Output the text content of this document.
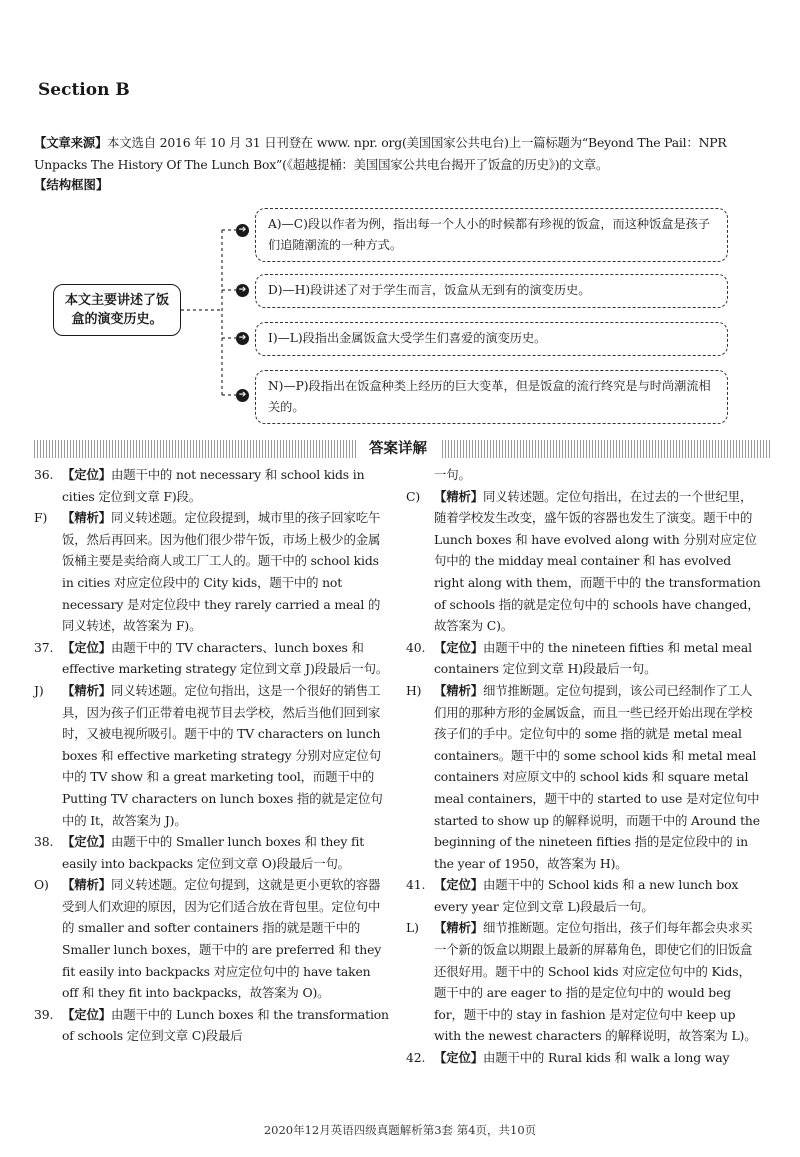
Section B
【文章来源】本文选自 2016 年 10 月 31 日刊登在 www. npr. org(美国国家公共电台)上一篇标题为“Beyond The Pail：NPR Unpacks The History Of The Lunch Box”(《超越提桶：美国国家公共电台揭开了饭盒的历史》)的文章。
【结构框图】
本文主要讲述了饭盒的演变历史。
➔	A)—C)段以作者为例，指出每一个人小的时候都有珍视的饭盒，而这种饭盒是孩子们追随潮流的一种方式。
➔	D)—H)段讲述了对于学生而言，饭盒从无到有的演变历史。
➔	I)—L)段指出金属饭盒大受学生们喜爱的演变历史。
➔
N)—P)段指出在饭盒种类上经历的巨大变革，但是饭盒的流行终究是与时尚潮流相关的。
答案详解
36. 【定位】由题干中的 not necessary 和 school kids in cities 定位到文章 F)段。
F)	【精析】同义转述题。定位段提到，城市里的孩子回家吃午饭，然后再回来。因为他们很少带午饭，市场上极少的金属饭桶主要是卖给商人或工厂工人的。题干中的 school kids in cities 对应定位段中的 City kids，题干中的 not necessary 是对定位段中 they rarely carried a meal 的同义转述，故答案为 F)。
37. 【定位】由题干中的 TV characters、lunch boxes 和 effective marketing strategy 定位到文章 J)段最后一句。
J)	【精析】同义转述题。定位句指出，这是一个很好的销售工具，因为孩子们正带着电视节目去学校，然后当他们回到家时，又被电视所吸引。题干中的 TV characters on lunch boxes 和 effective marketing strategy 分别对应定位句中的 TV show 和 a great marketing tool，而题干中的 Putting TV characters on lunch boxes 指的就是定位句中的 It，故答案为 J)。
38. 【定位】由题干中的 Smaller lunch boxes 和 they fit easily into backpacks 定位到文章 O)段最后一句。
O)	【精析】同义转述题。定位句提到，这就是更小更软的容器受到人们欢迎的原因，因为它们适合放在背包里。定位句中的 smaller and softer containers 指的就是题干中的 Smaller lunch boxes，题干中的 are preferred 和 they fit easily into backpacks 对应定位句中的 have taken off 和 they fit into backpacks，故答案为 O)。
39. 【定位】由题干中的 Lunch boxes 和 the transformation of schools 定位到文章 C)段最后
一句。
C)	【精析】同义转述题。定位句指出，在过去的一个世纪里，随着学校发生改变，盛午饭的容器也发生了演变。题干中的 Lunch boxes 和 have evolved along with 分别对应定位句中的 the midday meal container 和 has evolved right along with them，而题干中的 the transformation of schools 指的就是定位句中的 schools have changed，故答案为 C)。
40. 【定位】由题干中的 the nineteen fifties 和 metal meal containers 定位到文章 H)段最后一句。
H)	【精析】细节推断题。定位句提到，该公司已经制作了工人们用的那种方形的金属饭盒，而且一些已经开始出现在学校孩子们的手中。定位句中的 some 指的就是 metal meal containers。题干中的 some school kids 和 metal meal containers 对应原文中的 school kids 和 square metal meal containers，题干中的 started to use 是对定位句中 started to show up 的解释说明，而题干中的 Around the beginning of the nineteen fifties 指的是定位段中的 in the year of 1950，故答案为 H)。
41. 【定位】由题干中的 School kids 和 a new lunch box every year 定位到文章 L)段最后一句。
L)	【精析】细节推断题。定位句指出，孩子们每年都会央求买一个新的饭盒以期跟上最新的屏幕角色，即使它们的旧饭盒还很好用。题干中的 School kids 对应定位句中的 Kids，题干中的 are eager to 指的是定位句中的 would beg for，题干中的 stay in fashion 是对定位句中 keep up with the newest characters 的解释说明，故答案为 L)。
42. 【定位】由题干中的 Rural kids 和 walk a long way
2020年12月英语四级真题解析第3套 第4页，共10页
